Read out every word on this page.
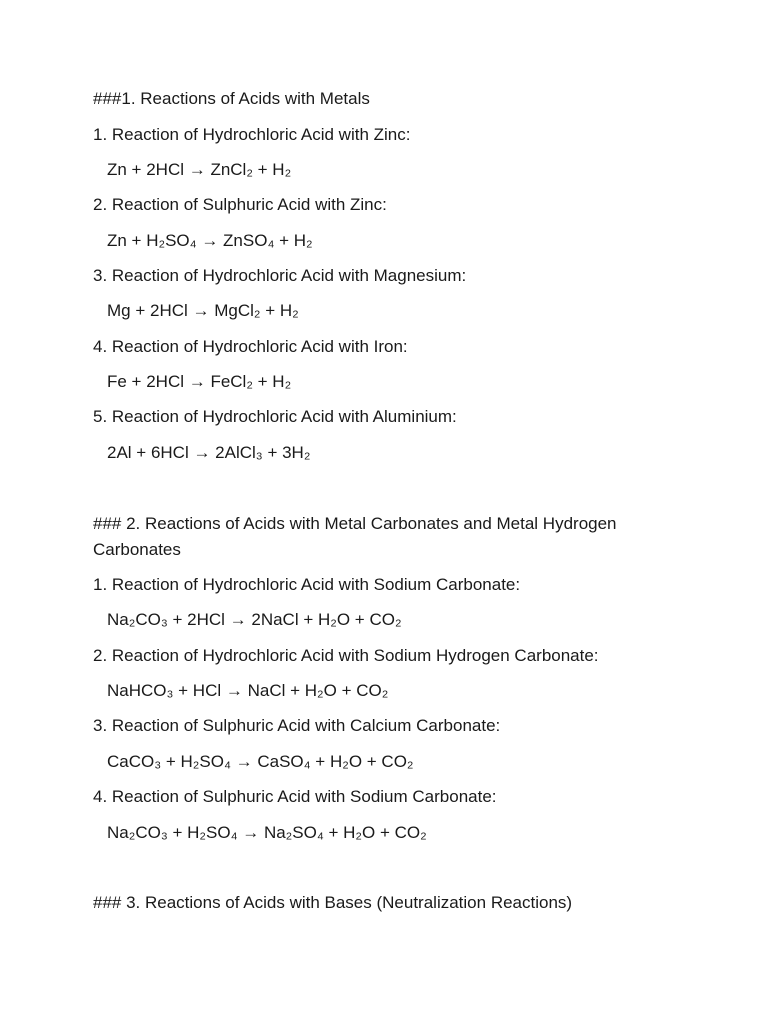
###1. Reactions of Acids with Metals
1. Reaction of Hydrochloric Acid with Zinc:
Zn + 2HCl → ZnCl₂ + H₂
2. Reaction of Sulphuric Acid with Zinc:
Zn + H₂SO₄ → ZnSO₄ + H₂
3. Reaction of Hydrochloric Acid with Magnesium:
Mg + 2HCl → MgCl₂ + H₂
4. Reaction of Hydrochloric Acid with Iron:
Fe + 2HCl → FeCl₂ + H₂
5. Reaction of Hydrochloric Acid with Aluminium:
2Al + 6HCl → 2AlCl₃ + 3H₂
### 2. Reactions of Acids with Metal Carbonates and Metal Hydrogen Carbonates
1. Reaction of Hydrochloric Acid with Sodium Carbonate:
Na₂CO₃ + 2HCl → 2NaCl + H₂O + CO₂
2. Reaction of Hydrochloric Acid with Sodium Hydrogen Carbonate:
NaHCO₃ + HCl → NaCl + H₂O + CO₂
3. Reaction of Sulphuric Acid with Calcium Carbonate:
CaCO₃ + H₂SO₄ → CaSO₄ + H₂O + CO₂
4. Reaction of Sulphuric Acid with Sodium Carbonate:
Na₂CO₃ + H₂SO₄ → Na₂SO₄ + H₂O + CO₂
### 3. Reactions of Acids with Bases (Neutralization Reactions)
